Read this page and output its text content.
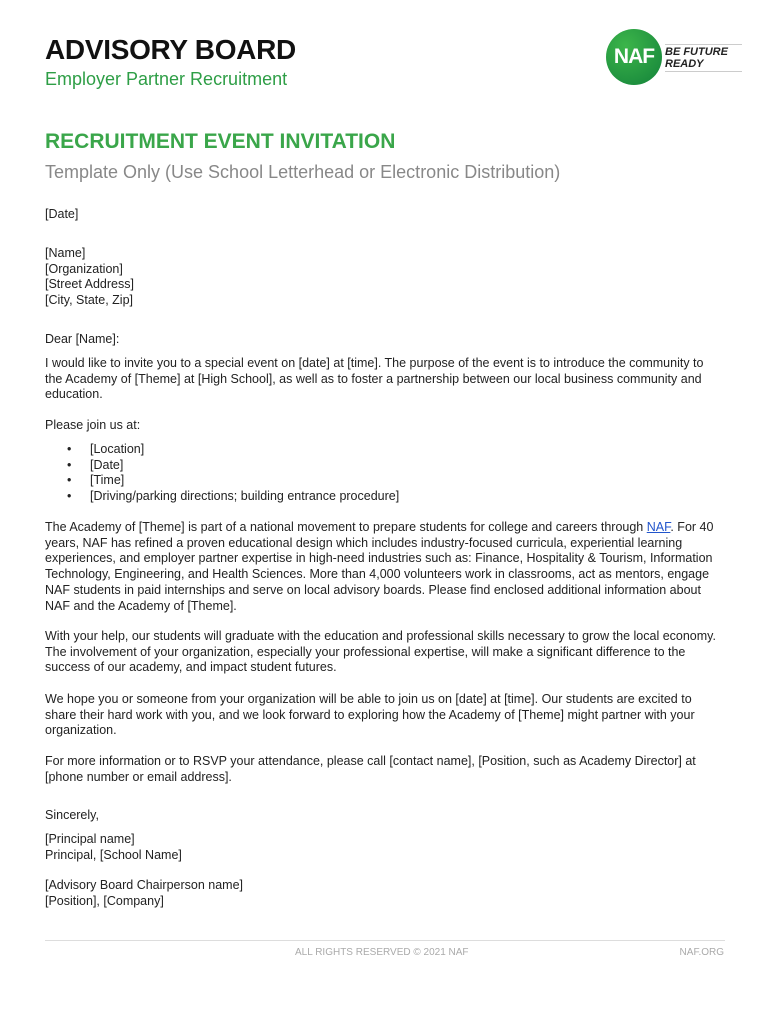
ADVISORY BOARD
Employer Partner Recruitment
NAF BE FUTURE
READY
RECRUITMENT EVENT INVITATION
Template Only (Use School Letterhead or Electronic Distribution)
[Date]

[Name]

[Organization]

[Street Address]

[City, State, Zip]

Dear [Name]:
I would like to invite you to a special event on [date] at [time]. The purpose of the event is to introduce the community to the Academy of [Theme] at [High School], as well as to foster a partnership between our local business community and education.
Please join us at:
• [Location]
• [Date]
• [Time]
• [Driving/parking directions; building entrance procedure]
The Academy of [Theme] is part of a national movement to prepare students for college and careers through NAF. For 40 years, NAF has refined a proven educational design which includes industry-focused curricula, experiential learning experiences, and employer partner expertise in high-need industries such as: Finance, Hospitality & Tourism, Information Technology, Engineering, and Health Sciences. More than 4,000 volunteers work in classrooms, act as mentors, engage NAF students in paid internships and serve on local advisory boards. Please find enclosed additional information about NAF and the Academy of [Theme].
With your help, our students will graduate with the education and professional skills necessary to grow the local economy. The involvement of your organization, especially your professional expertise, will make a significant difference to the success of our academy, and impact student futures.
We hope you or someone from your organization will be able to join us on [date] at [time]. Our students are excited to share their hard work with you, and we look forward to exploring how the Academy of [Theme] might partner with your organization.
For more information or to RSVP your attendance, please call [contact name], [Position, such as Academy Director] at [phone number or email address].
Sincerely,

[Principal name]

Principal, [School Name]

[Advisory Board Chairperson name]

[Position], [Company]

ALL RIGHTS RESERVED © 2021 NAF	NAF.ORG
